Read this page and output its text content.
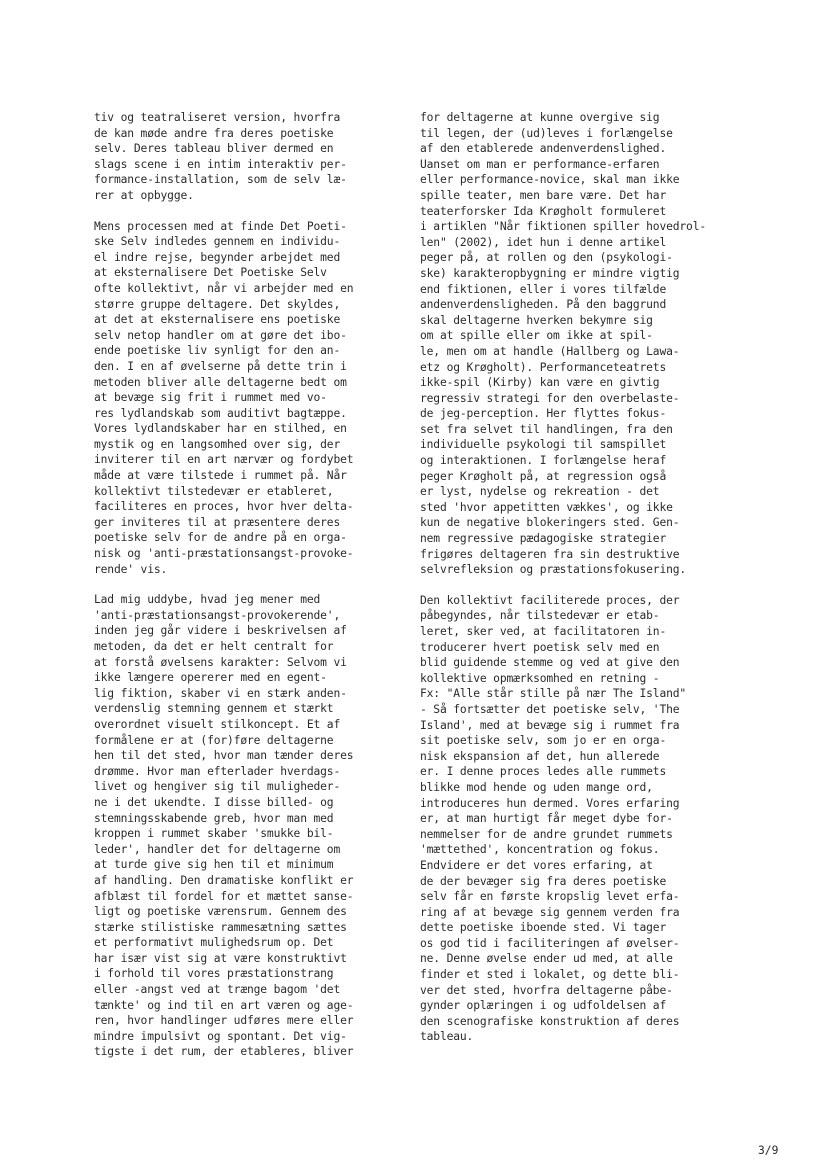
tiv og teatraliseret version, hvorfra
de kan møde andre fra deres poetiske
selv. Deres tableau bliver dermed en
slags scene i en intim interaktiv per-
formance-installation, som de selv læ-
rer at opbygge.

Mens processen med at finde Det Poeti-
ske Selv indledes gennem en individu-
el indre rejse, begynder arbejdet med
at eksternalisere Det Poetiske Selv
ofte kollektivt, når vi arbejder med en
større gruppe deltagere. Det skyldes,
at det at eksternalisere ens poetiske
selv netop handler om at gøre det ibo-
ende poetiske liv synligt for den an-
den. I en af øvelserne på dette trin i
metoden bliver alle deltagerne bedt om
at bevæge sig frit i rummet med vo-
res lydlandskab som auditivt bagtæppe.
Vores lydlandskaber har en stilhed, en
mystik og en langsomhed over sig, der
inviterer til en art nærvær og fordybet
måde at være tilstede i rummet på. Når
kollektivt tilstedevær er etableret,
faciliteres en proces, hvor hver delta-
ger inviteres til at præsentere deres
poetiske selv for de andre på en orga-
nisk og 'anti-præstationsangst-provoke-
rende' vis.

Lad mig uddybe, hvad jeg mener med
'anti-præstationsangst-provokerende',
inden jeg går videre i beskrivelsen af
metoden, da det er helt centralt for
at forstå øvelsens karakter: Selvom vi
ikke længere opererer med en egent-
lig fiktion, skaber vi en stærk anden-
verdenslig stemning gennem et stærkt
overordnet visuelt stilkoncept. Et af
formålene er at (for)føre deltagerne
hen til det sted, hvor man tænder deres
drømme. Hvor man efterlader hverdags-
livet og hengiver sig til muligheder-
ne i det ukendte. I disse billed- og
stemningsskabende greb, hvor man med
kroppen i rummet skaber 'smukke bil-
leder', handler det for deltagerne om
at turde give sig hen til et minimum
af handling. Den dramatiske konflikt er
afblæst til fordel for et mættet sanse-
ligt og poetiske værensrum. Gennem des
stærke stilistiske rammesætning sættes
et performativt mulighedsrum op. Det
har især vist sig at være konstruktivt
i forhold til vores præstationstrang
eller -angst ved at trænge bagom 'det
tænkte' og ind til en art væren og age-
ren, hvor handlinger udføres mere eller
mindre impulsivt og spontant. Det vig-
tigste i det rum, der etableres, bliver

for deltagerne at kunne overgive sig
til legen, der (ud)leves i forlængelse
af den etablerede andenverdenslighed.
Uanset om man er performance-erfaren
eller performance-novice, skal man ikke
spille teater, men bare være. Det har
teaterforsker Ida Krøgholt formuleret
i artiklen "Når fiktionen spiller hovedrol-
len" (2002), idet hun i denne artikel
peger på, at rollen og den (psykologi-
ske) karakteropbygning er mindre vigtig
end fiktionen, eller i vores tilfælde
andenverdensligheden. På den baggrund
skal deltagerne hverken bekymre sig
om at spille eller om ikke at spil-
le, men om at handle (Hallberg og Lawa-
etz og Krøgholt). Performanceteatrets
ikke-spil (Kirby) kan være en givtig
regressiv strategi for den overbelaste-
de jeg-perception. Her flyttes fokus-
set fra selvet til handlingen, fra den
individuelle psykologi til samspillet
og interaktionen. I forlængelse heraf
peger Krøgholt på, at regression også
er lyst, nydelse og rekreation - det
sted 'hvor appetitten vækkes', og ikke
kun de negative blokeringers sted. Gen-
nem regressive pædagogiske strategier
frigøres deltageren fra sin destruktive
selvrefleksion og præstationsfokusering.

Den kollektivt faciliterede proces, der
påbegyndes, når tilstedevær er etab-
leret, sker ved, at facilitatoren in-
troducerer hvert poetisk selv med en
blid guidende stemme og ved at give den
kollektive opmærksomhed en retning -
Fx: "Alle står stille på nær The Island"
- Så fortsætter det poetiske selv, 'The
Island', med at bevæge sig i rummet fra
sit poetiske selv, som jo er en orga-
nisk ekspansion af det, hun allerede
er. I denne proces ledes alle rummets
blikke mod hende og uden mange ord,
introduceres hun dermed. Vores erfaring
er, at man hurtigt får meget dybe for-
nemmelser for de andre grundet rummets
'mættethed', koncentration og fokus.
Endvidere er det vores erfaring, at
de der bevæger sig fra deres poetiske
selv får en første kropslig levet erfa-
ring af at bevæge sig gennem verden fra
dette poetiske iboende sted. Vi tager
os god tid i faciliteringen af øvelser-
ne. Denne øvelse ender ud med, at alle
finder et sted i lokalet, og dette bli-
ver det sted, hvorfra deltagerne påbe-
gynder oplæringen i og udfoldelsen af
den scenografiske konstruktion af deres
tableau.

3/9
